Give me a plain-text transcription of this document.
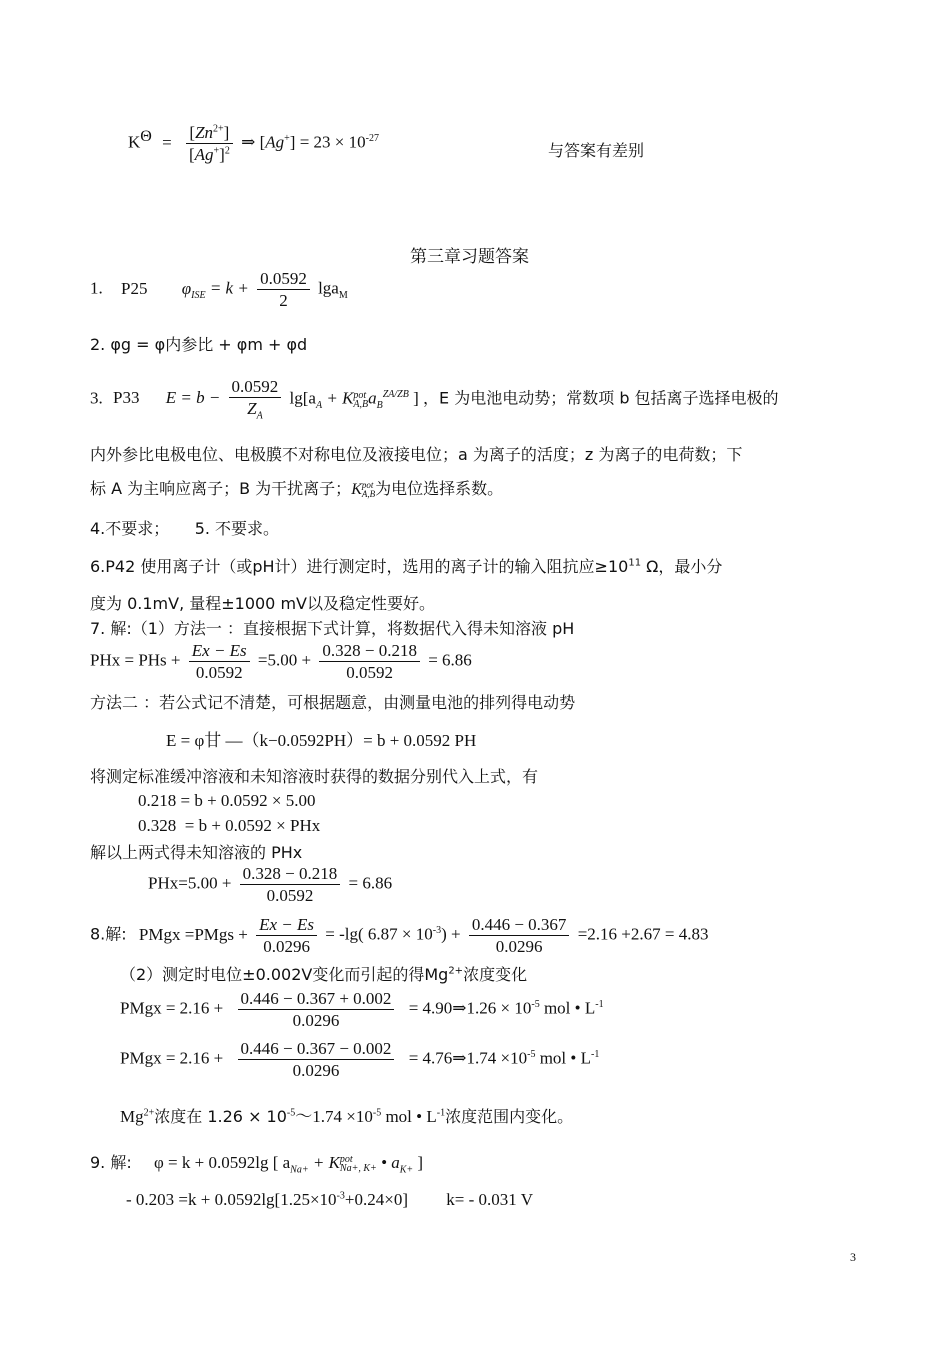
$K^\Theta = \frac{[Zn^{2+}]}{[Ag^+]^2}$ ⇒ $[Ag^+] = 23 \times 10^{-27}$
与答案有差别
第三章习题答案
1. P25 $\varphi_{ISE} = k + \frac{0.0592}{2} \lg a_M$
2. φg = φ内参比 + φm + φd
3. P33 $E = b - \frac{0.0592}{Z_A} \lg[a_A + K$ pot
A,B $a_B^{ZA/ZB}$ ] ，E 为电池电动势；常数项 b 包括离子选择电极的
内外参比电极电位、电极膜不对称电位及液接电位；a 为离子的活度；z 为离子的电荷数；下
标 A 为主响应离子；B 为干扰离子；K pot
A,B 为电位选择系数。
4.不要求；     5. 不要求。
6.P42 使用离子计（或pH计）进行测定时，选用的离子计的输入阻抗应$\ge 10^{11}$ Ω，最小分
度为 0.1mV, 量程±1000 mV以及稳定性要好。
7. 解:（1）方法一 ：直接根据下式计算，将数据代入得未知溶液 pH
PHx = PHs + $\frac{Ex - Es}{0.0592} =5.00 + \frac{0.328 - 0.218}{0.0592} = 6.86$
方法二 ：若公式记不清楚，可根据题意，由测量电池的排列得电动势
E = φ甘 —（k−0.0592PH）= b + 0.0592 PH
将测定标准缓冲溶液和未知溶液时获得的数据分别代入上式，有
0.218 = b + 0.0592 × 5.00
0.328  = b + 0.0592 × PHx
解以上两式得未知溶液的 PHx
$PHx=5.00 + \frac{0.328 - 0.218}{0.0592} = 6.86$
8.解: PMgx =PMgs + $\frac{Ex - Es}{0.0296} = -\lg$( $6.87 \times 10^{-3}) + \frac{0.446 - 0.367}{0.0296} =2.16 +2.67 = 4.83$
（2）测定时电位±0.002V变化而引起的得$Mg^{2+}$浓度变化
PMgx = $2.16 + \frac{0.446 - 0.367 + 0.002}{0.0296}$ = 4.90⇒1.26 × $10^{-5}$ mol • $L^{-1}$
PMgx = $2.16 + \frac{0.446 - 0.367 - 0.002}{0.0296}$ = 4.76⇒1.74 $\times 10^{-5}$ mol • $L^{-1}$
$Mg^{2+}$浓度在 $1.26 \times 10^{-5}\sim 1.74 \times 10^{-5}$ mol • $L^{-1}$浓度范围内变化。
9. 解: φ = k + 0.0592lg [ $a_{Na+} + K$ pot
Na+, K+ • $a_{K+}$ ]
- $0.203 =k + 0.0592\lg[1.25\times 10^{-3}+0.24\times 0]$ k= - 0.031 V
3
